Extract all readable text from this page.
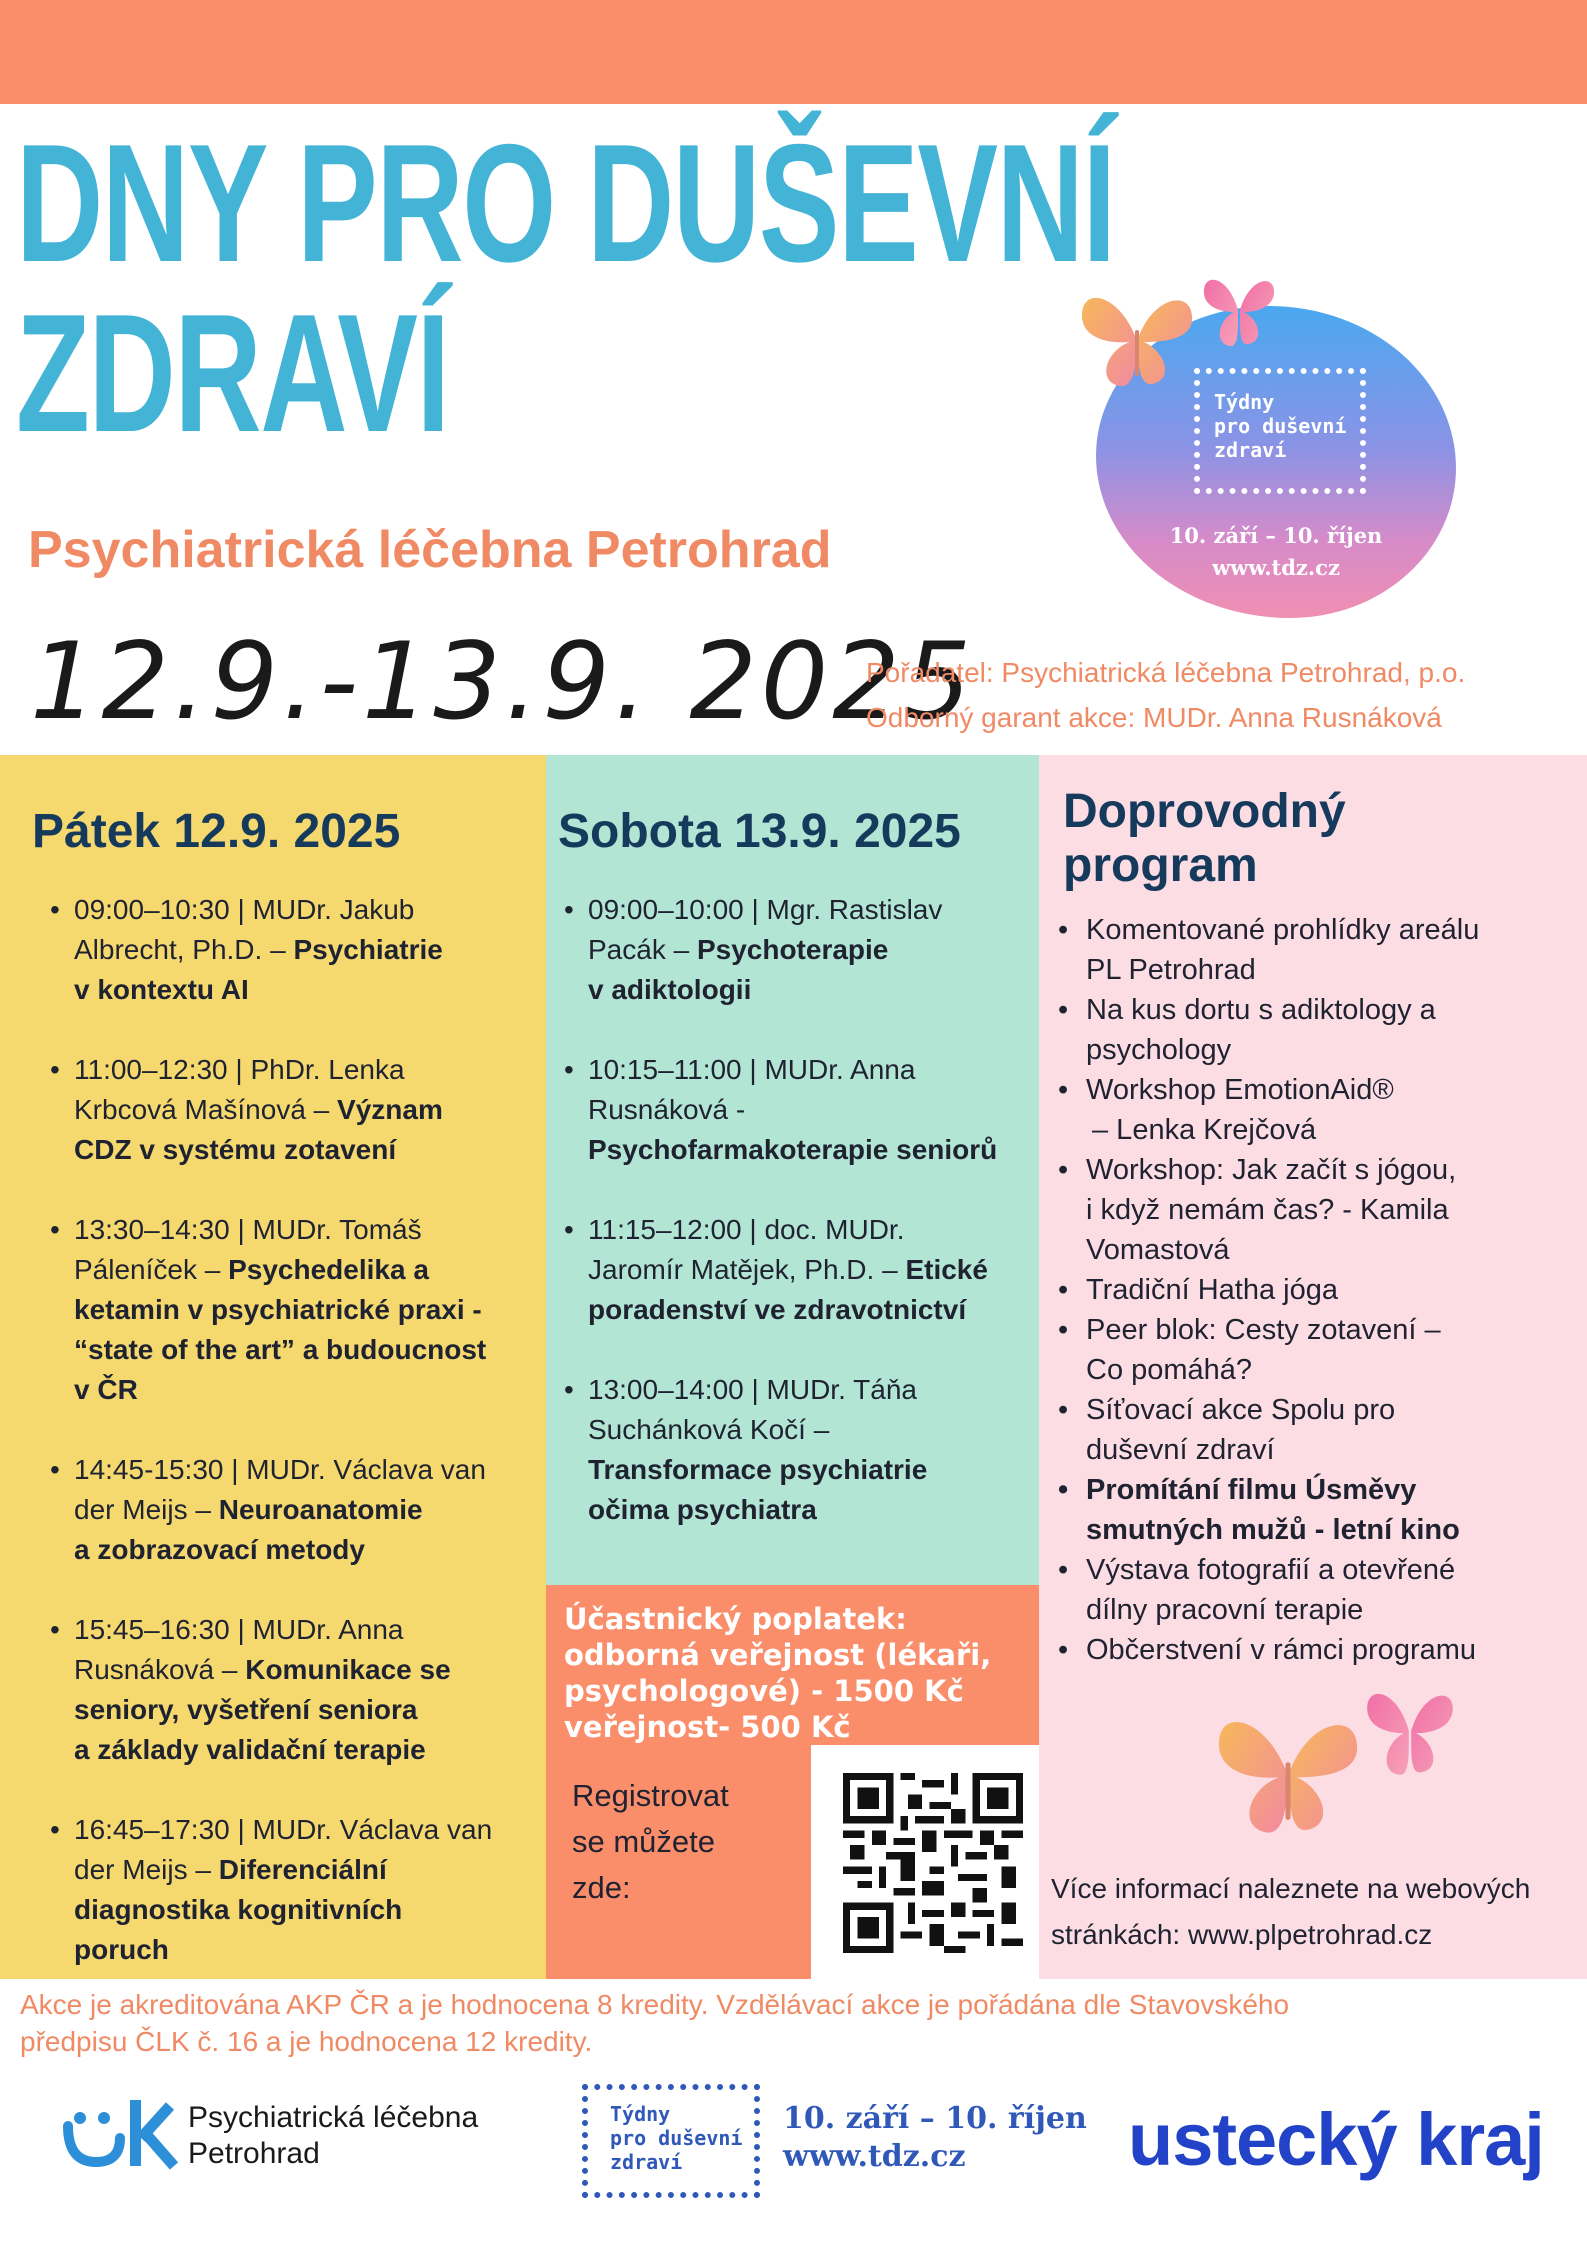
DNY PRO DUŠEVNÍ
ZDRAVÍ
Psychiatrická léčebna Petrohrad
12.9.-13.9. 2025
Pořadatel: Psychiatrická léčebna Petrohrad, p.o.
Odborný garant akce: MUDr. Anna Rusnáková
Týdny
pro duševní
zdraví
10. září – 10. říjen
www.tdz.cz
Pátek 12.9. 2025
• 09:00–10:30 | MUDr. Jakub
Albrecht, Ph.D. – Psychiatrie
v kontextu AI
• 11:00–12:30 | PhDr. Lenka
Krbcová Mašínová – Význam
CDZ v systému zotavení
• 13:30–14:30 | MUDr. Tomáš
Páleníček – Psychedelika a
ketamin v psychiatrické praxi -
“state of the art” a budoucnost
v ČR
• 14:45-15:30 | MUDr. Václava van
der Meijs – Neuroanatomie
a zobrazovací metody
• 15:45–16:30 | MUDr. Anna
Rusnáková – Komunikace se
seniory, vyšetření seniora
a základy validační terapie
• 16:45–17:30 | MUDr. Václava van
der Meijs – Diferenciální
diagnostika kognitivních
poruch
Sobota 13.9. 2025
• 09:00–10:00 | Mgr. Rastislav
Pacák – Psychoterapie
v adiktologii
• 10:15–11:00 | MUDr. Anna
Rusnáková -
Psychofarmakoterapie seniorů
• 11:15–12:00 | doc. MUDr.
Jaromír Matějek, Ph.D. – Etické
poradenství ve zdravotnictví
• 13:00–14:00 | MUDr. Táňa
Suchánková Kočí –
Transformace psychiatrie
očima psychiatra
Účastnický poplatek:
odborná veřejnost (lékaři,
psychologové) - 1500 Kč
veřejnost- 500 Kč
Registrovat
se můžete
zde:
Doprovodný
program
• Komentované prohlídky areálu
PL Petrohrad
• Na kus dortu s adiktology a
psychology
• Workshop EmotionAid®
– Lenka Krejčová
• Workshop: Jak začít s jógou,
i když nemám čas? - Kamila
Vomastová
• Tradiční Hatha jóga
• Peer blok: Cesty zotavení –
Co pomáhá?
• Síťovací akce Spolu pro
duševní zdraví
• Promítání filmu Úsměvy
smutných mužů - letní kino
• Výstava fotografií a otevřené
dílny pracovní terapie
• Občerstvení v rámci programu
Více informací naleznete na webových
stránkách: www.plpetrohrad.cz
Akce je akreditována AKP ČR a je hodnocena 8 kredity. Vzdělávací akce je pořádána dle Stavovského
předpisu ČLK č. 16 a je hodnocena 12 kredity.
Psychiatrická léčebna
Petrohrad
Týdny
pro duševní
zdraví
10. září – 10. říjen
www.tdz.cz	ustecký kraj
